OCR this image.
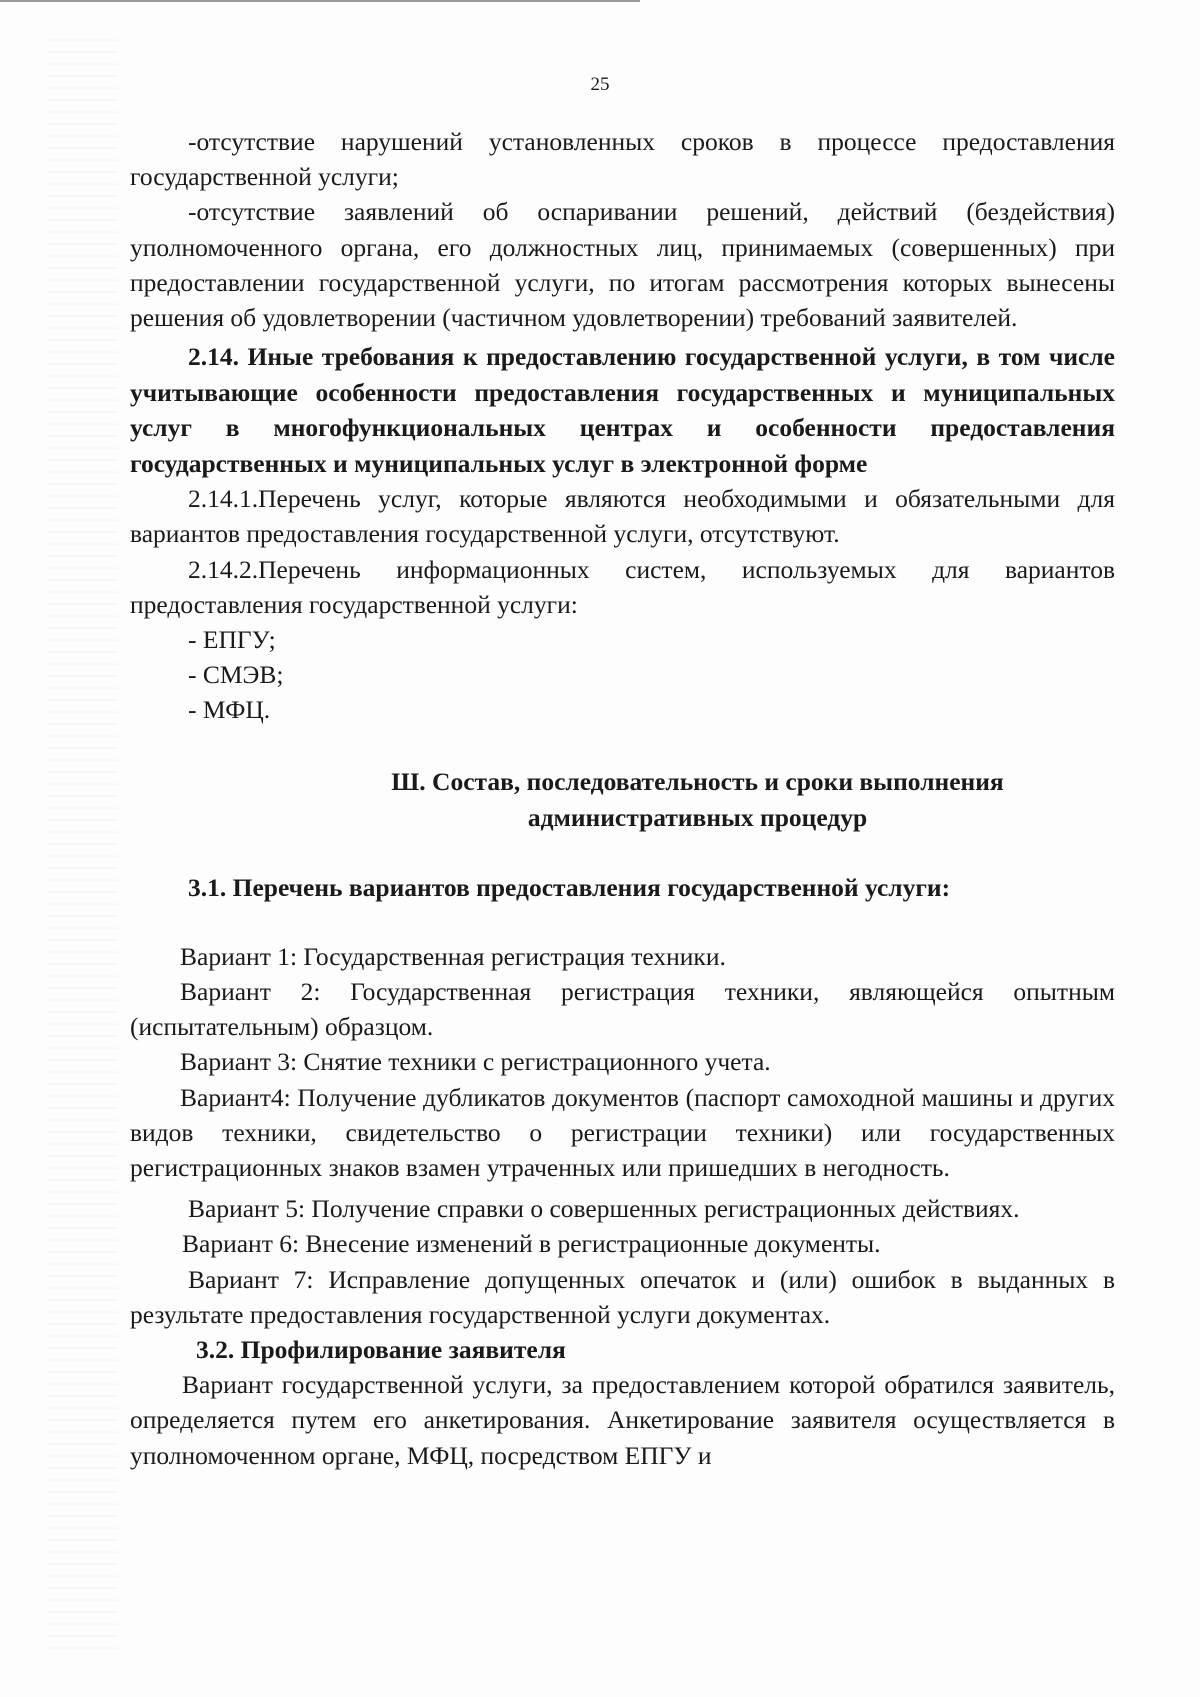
25

-отсутствие нарушений установленных сроков в процессе предоставления государственной услуги;

-отсутствие заявлений об оспаривании решений, действий (бездействия) уполномоченного органа, его должностных лиц, принимаемых (совершенных) при предоставлении государственной услуги, по итогам рассмотрения которых вынесены решения об удовлетворении (частичном удовлетворении) требований заявителей.

2.14. Иные требования к предоставлению государственной услуги, в том числе учитывающие особенности предоставления государственных и муниципальных услуг в многофункциональных центрах и особенности предоставления государственных и муниципальных услуг в электронной форме

2.14.1.Перечень услуг, которые являются необходимыми и обязательными для вариантов предоставления государственной услуги, отсутствуют.

2.14.2.Перечень информационных систем, используемых для вариантов предоставления государственной услуги:

- ЕПГУ;

- СМЭВ;

- МФЦ.

Ш. Состав, последовательность и сроки выполнения

административных процедур

3.1. Перечень вариантов предоставления государственной услуги:

Вариант 1: Государственная регистрация техники.

Вариант 2: Государственная регистрация техники, являющейся опытным (испытательным) образцом.

Вариант 3: Снятие техники с регистрационного учета.

Вариант4: Получение дубликатов документов (паспорт самоходной машины и других видов техники, свидетельство о регистрации техники) или государственных регистрационных знаков взамен утраченных или пришедших в негодность.

Вариант 5: Получение справки о совершенных регистрационных действиях.

Вариант 6: Внесение изменений в регистрационные документы.

Вариант 7: Исправление допущенных опечаток и (или) ошибок в выданных в результате предоставления государственной услуги документах.

3.2. Профилирование заявителя

Вариант государственной услуги, за предоставлением которой обратился заявитель, определяется путем его анкетирования. Анкетирование заявителя осуществляется в уполномоченном органе, МФЦ, посредством ЕПГУ и
